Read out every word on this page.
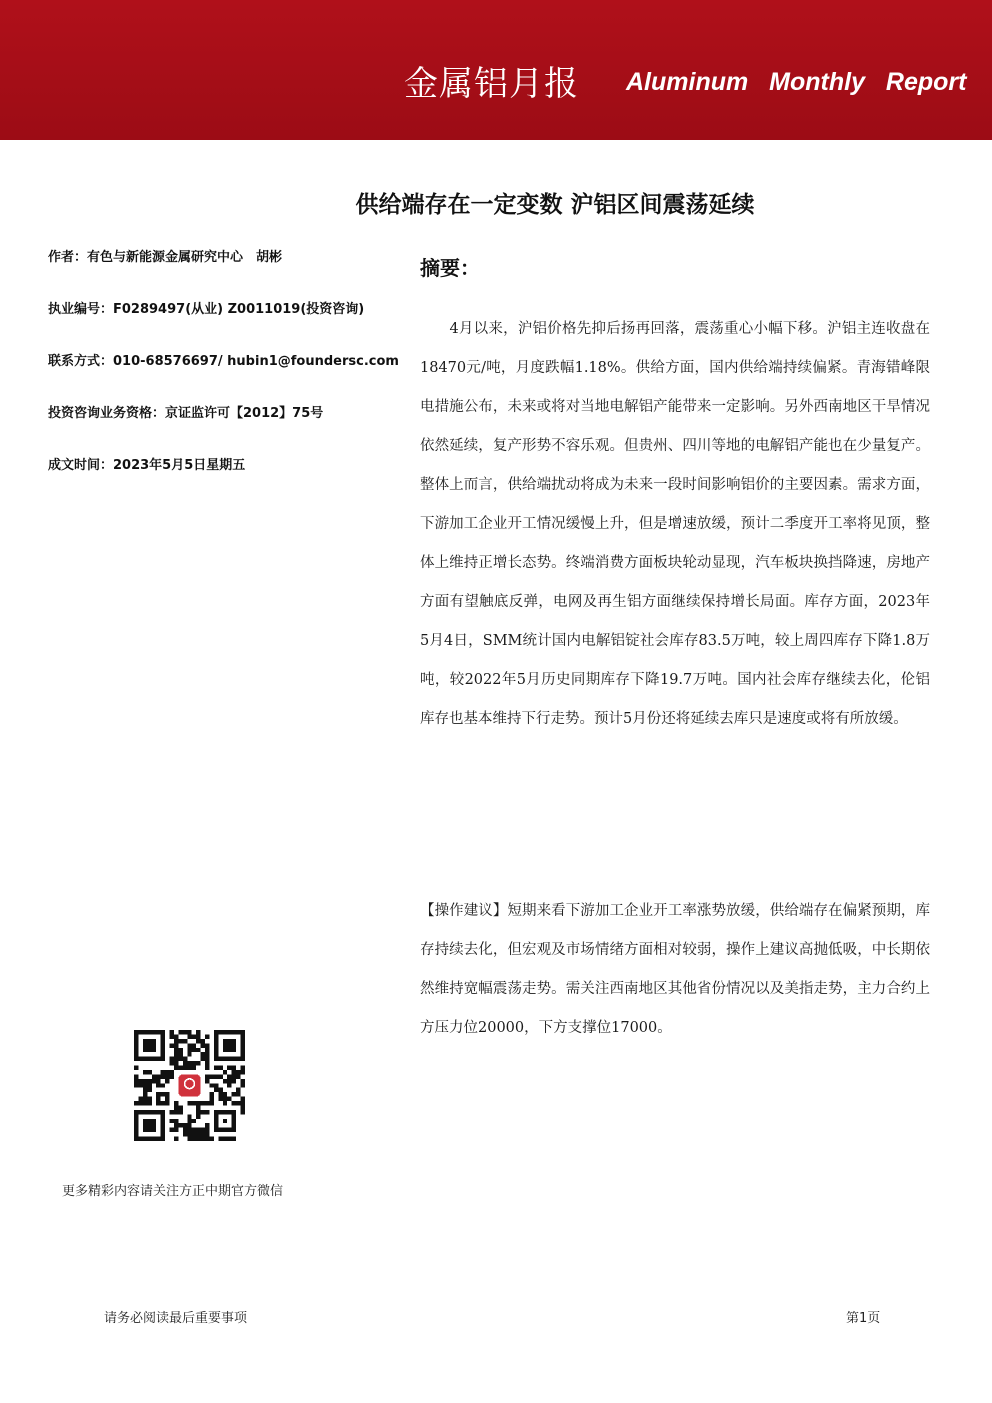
金属铝月报 Aluminum Monthly Report
供给端存在一定变数 沪铝区间震荡延续
作者：有色与新能源金属研究中心　胡彬
执业编号：F0289497(从业) Z0011019(投资咨询)
联系方式：010-68576697/ hubin1@foundersc.com
投资咨询业务资格：京证监许可【2012】75号
成文时间：2023年5月5日星期五
摘要：

　　4月以来，沪铝价格先抑后扬再回落，震荡重心小幅下移。沪铝主连收盘在18470元/吨，月度跌幅1.18%。供给方面，国内供给端持续偏紧。青海错峰限电措施公布，未来或将对当地电解铝产能带来一定影响。另外西南地区干旱情况依然延续，复产形势不容乐观。但贵州、四川等地的电解铝产能也在少量复产。整体上而言，供给端扰动将成为未来一段时间影响铝价的主要因素。需求方面，下游加工企业开工情况缓慢上升，但是增速放缓，预计二季度开工率将见顶，整体上维持正增长态势。终端消费方面板块轮动显现，汽车板块换挡降速，房地产方面有望触底反弹，电网及再生铝方面继续保持增长局面。库存方面，2023年5月4日，SMM统计国内电解铝锭社会库存83.5万吨，较上周四库存下降1.8万吨，较2022年5月历史同期库存下降19.7万吨。国内社会库存继续去化，伦铝库存也基本维持下行走势。预计5月份还将延续去库只是速度或将有所放缓。

【操作建议】短期来看下游加工企业开工率涨势放缓，供给端存在偏紧预期，库存持续去化，但宏观及市场情绪方面相对较弱，操作上建议高抛低吸，中长期依然维持宽幅震荡走势。需关注西南地区其他省份情况以及美指走势，主力合约上方压力位20000，下方支撑位17000。

更多精彩内容请关注方正中期官方微信
请务必阅读最后重要事项	第1页
